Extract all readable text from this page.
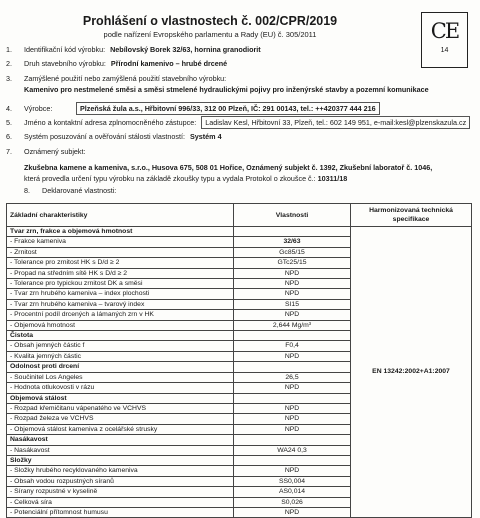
Prohlášení o vlastnostech č. 002/CPR/2019
podle nařízení Evropského parlamentu a Rady (EU) č. 305/2011	CE
14
1. Identifikační kód výrobku: Nebílovský Borek 32/63, hornina granodiorit
2. Druh stavebního výrobku: Přírodní kamenivo – hrubé drcené
3. Zamýšlené použití nebo zamýšlená použití stavebního výrobku:
Kamenivo pro nestmelené směsi a směsi stmelené hydraulickými pojivy pro inženýrské stavby a pozemní komunikace
4. Výrobce:	Plzeňská žula a.s., Hřbitovní 996/33, 312 00 Plzeň, IČ: 291 00143, tel.: ++420377 444 216
5. Jméno a kontaktní adresa zplnomocněného zástupce: Ladislav Kesl, Hřbitovní 33, Plzeň, tel.: 602 149 951, e-mail:kesl@plzenskazula.cz
6. Systém posuzování a ověřování stálosti vlastností: Systém 4
7. Oznámený subjekt:
Zkušebna kamene a kameniva, s.r.o., Husova 675, 508 01 Hořice, Oznámený subjekt č. 1392, Zkušební laboratoř č. 1046,
která provedla určení typu výrobku na základě zkoušky typu a vydala Protokol o zkoušce č.: 10311/18
8. Deklarované vlastnosti:
Základní charakteristiky	Vlastnosti	Harmonizovaná technická specifikace
Tvar zrn, frakce a objemová hmotnost		EN 13242:2002+A1:2007
- Frakce kameniva	32/63	
- Zrnitost	Gc85/15	
- Tolerance pro zrnitost HK s D/d ≥ 2	GTc25/15	
- Propad na středním sítě HK s D/d ≥ 2	NPD	
- Tolerance pro typickou zrnitost DK a směsi	NPD	
- Tvar zrn hrubého kameniva – index plochosti	NPD	
- Tvar zrn hrubého kameniva – tvarový index	SI15	
- Procentní podíl drcených a lámaných zrn v HK	NPD	
- Objemová hmotnost	2,644 Mg/m³	
Čistota		
- Obsah jemných částic f	F0,4	
- Kvalita jemných částic	NPD	
Odolnost proti drcení		
- Součinitel Los Angeles	26,5	
- Hodnota otlukovosti v rázu	NPD	
Objemová stálost		
- Rozpad křemičitanu vápenatého ve VCHVS	NPD	
- Rozpad železa ve VCHVS	NPD	
- Objemová stálost kameniva z ocelářské strusky	NPD	
Nasákavost		
- Nasákavost	WA24 0,3	
Složky		
- Složky hrubého recyklovaného kameniva	NPD	
- Obsah vodou rozpustných síranů	SS0,004	
- Sírany rozpustné v kyselině	AS0,014	
- Celková síra	S0,026	
- Potenciální přítomnost humusu	NPD	
